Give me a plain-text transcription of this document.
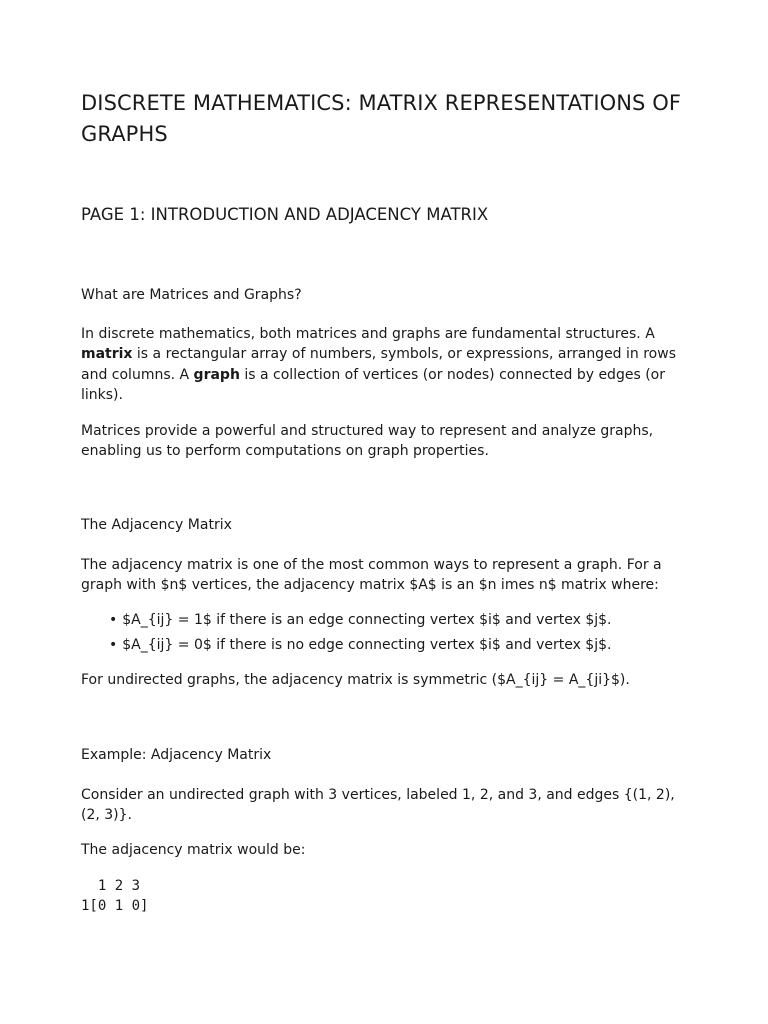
DISCRETE MATHEMATICS: MATRIX REPRESENTATIONS OF GRAPHS
PAGE 1: INTRODUCTION AND ADJACENCY MATRIX
What are Matrices and Graphs?

In discrete mathematics, both matrices and graphs are fundamental structures. A matrix is a rectangular array of numbers, symbols, or expressions, arranged in rows and columns. A graph is a collection of vertices (or nodes) connected by edges (or links).

Matrices provide a powerful and structured way to represent and analyze graphs, enabling us to perform computations on graph properties.

The Adjacency Matrix

The adjacency matrix is one of the most common ways to represent a graph. For a graph with $n$ vertices, the adjacency matrix $A$ is an $n imes n$ matrix where:

• $A_{ij} = 1$ if there is an edge connecting vertex $i$ and vertex $j$.
• $A_{ij} = 0$ if there is no edge connecting vertex $i$ and vertex $j$.

For undirected graphs, the adjacency matrix is symmetric ($A_{ij} = A_{ji}$).

Example: Adjacency Matrix

Consider an undirected graph with 3 vertices, labeled 1, 2, and 3, and edges {(1, 2), (2, 3)}.

The adjacency matrix would be:

1 2 3
1[0 1 0]
